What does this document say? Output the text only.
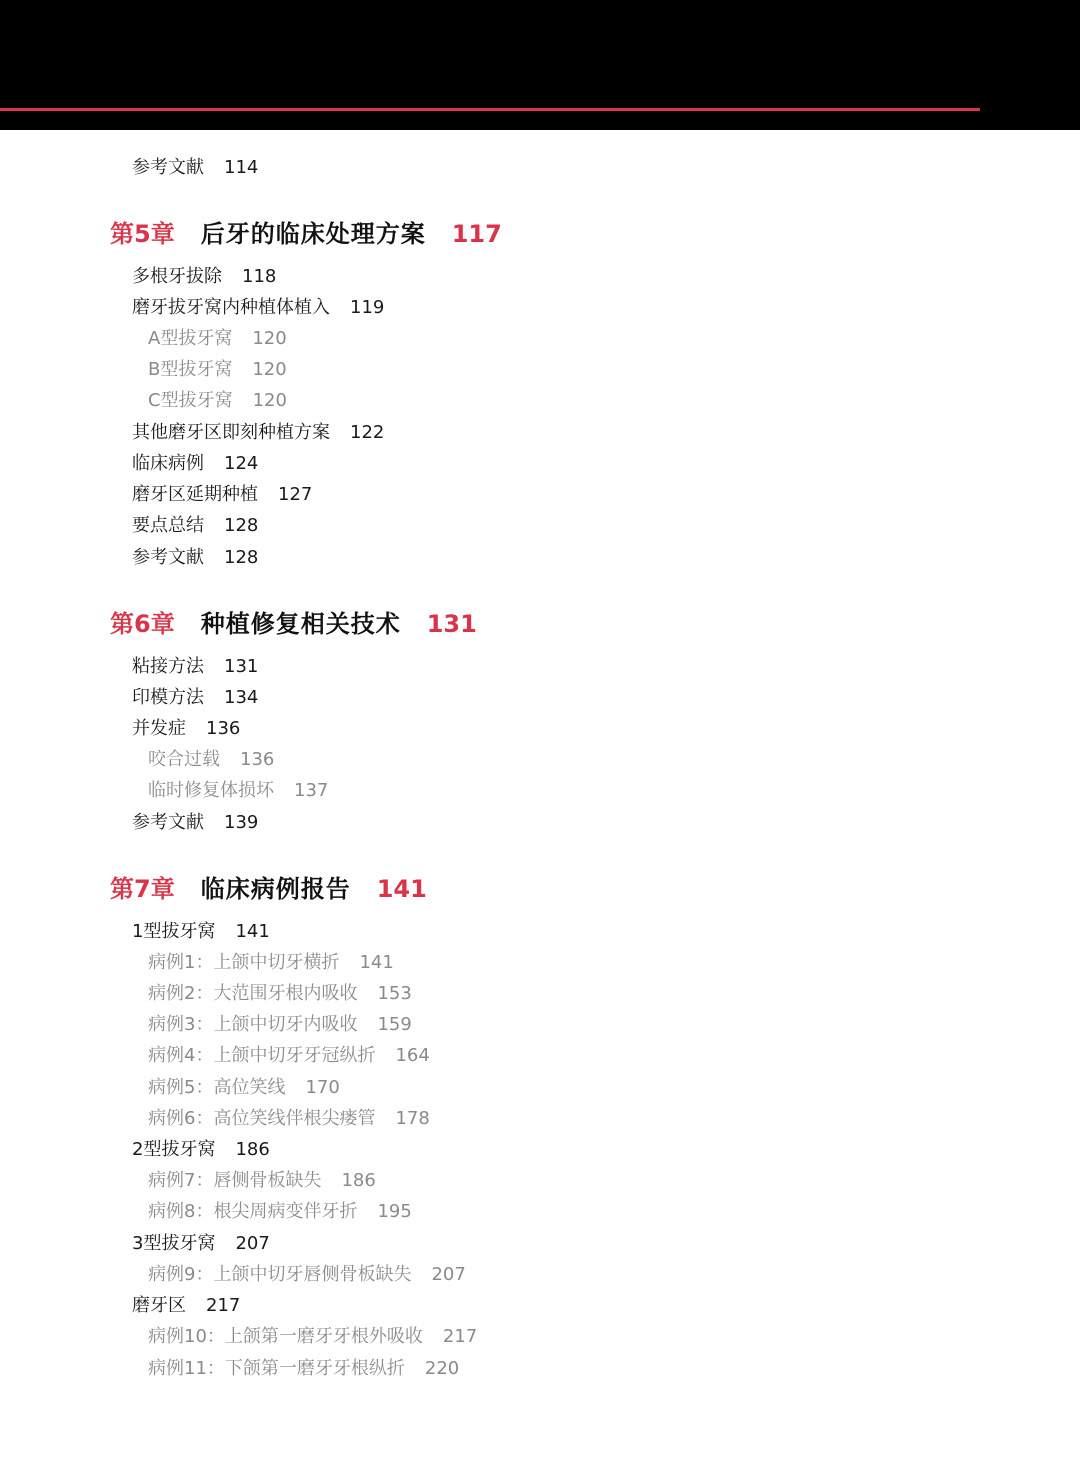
参考文献 114
第5章 后牙的临床处理方案 117
多根牙拔除 118
磨牙拔牙窝内种植体植入 119
A型拔牙窝 120
B型拔牙窝 120
C型拔牙窝 120
其他磨牙区即刻种植方案 122
临床病例 124
磨牙区延期种植 127
要点总结 128
参考文献 128
第6章 种植修复相关技术 131
粘接方法 131
印模方法 134
并发症 136
咬合过载 136
临时修复体损坏 137
参考文献 139
第7章 临床病例报告 141
1型拔牙窝 141
病例1：上颌中切牙横折 141
病例2：大范围牙根内吸收 153
病例3：上颌中切牙内吸收 159
病例4：上颌中切牙牙冠纵折 164
病例5：高位笑线 170
病例6：高位笑线伴根尖瘘管 178
2型拔牙窝 186
病例7：唇侧骨板缺失 186
病例8：根尖周病变伴牙折 195
3型拔牙窝 207
病例9：上颌中切牙唇侧骨板缺失 207
磨牙区 217
病例10：上颌第一磨牙牙根外吸收 217
病例11：下颌第一磨牙牙根纵折 220
